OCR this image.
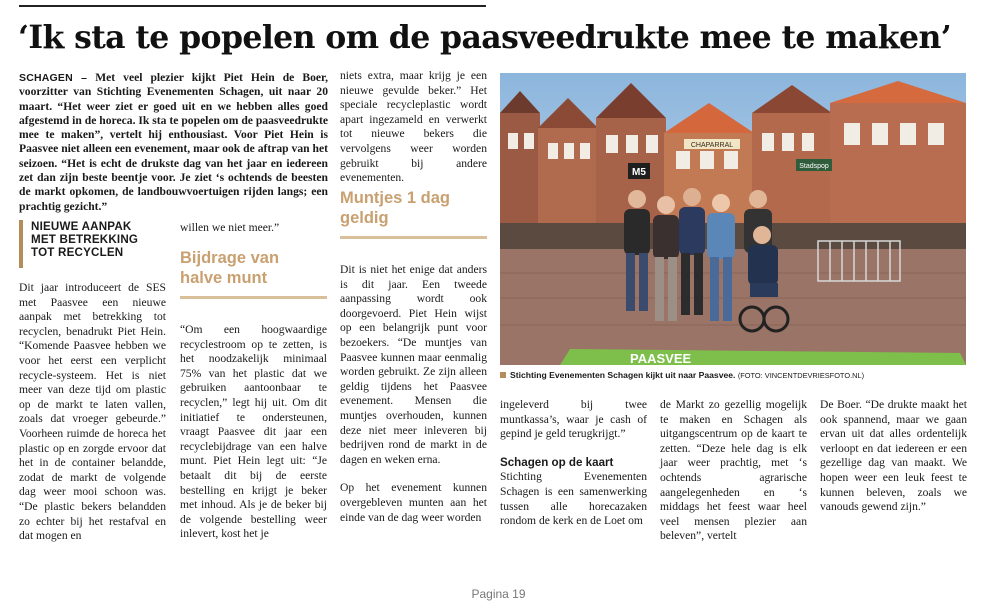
‘Ik sta te popelen om de paasveedrukte mee te maken’

SCHAGEN – Met veel plezier kijkt Piet Hein de Boer, voorzitter van Stichting Evenementen Schagen, uit naar 20 maart. “Het weer ziet er goed uit en we hebben alles goed afgestemd in de horeca. Ik sta te popelen om de paasveedrukte mee te maken”, vertelt hij enthousiast. Voor Piet Hein is Paasvee niet alleen een evenement, maar ook de aftrap van het seizoen. “Het is echt de drukste dag van het jaar en iedereen zet dan zijn beste beentje voor. Je ziet ‘s ochtends de beesten de markt opkomen, de landbouwvoertuigen rijden langs; een prachtig gezicht.”

NIEUWE AANPAK
MET BETREKKING
TOT RECYCLEN

Dit jaar introduceert de SES met Paasvee een nieuwe aanpak met betrekking tot recyclen, benadrukt Piet Hein. “Komende Paasvee hebben we voor het eerst een verplicht recycle-systeem. Het is niet meer van deze tijd om plastic op de markt te laten vallen, zoals dat vroeger gebeurde.” Voorheen ruimde de horeca het plastic op en zorgde ervoor dat het in de container belandde, zodat de markt de volgende dag weer mooi schoon was. “De plastic bekers belandden zo echter bij het restafval en dat mogen en

willen we niet meer.”

Bijdrage van
halve munt

“Om een hoogwaardige recyclestroom op te zetten, is het noodzakelijk minimaal 75% van het plastic dat we gebruiken aantoonbaar te recyclen,” legt hij uit. Om dit initiatief te ondersteunen, vraagt Paasvee dit jaar een recyclebijdrage van een halve munt. Piet Hein legt uit: “Je betaalt dit bij de eerste bestelling en krijgt je beker met inhoud. Als je de beker bij de volgende bestelling weer inlevert, kost het je

niets extra, maar krijg je een nieuwe gevulde beker.” Het speciale recycleplastic wordt apart ingezameld en verwerkt tot nieuwe bekers die vervolgens weer worden gebruikt bij andere evenementen.

Muntjes 1 dag
geldig

Dit is niet het enige dat anders is dit jaar. Een tweede aanpassing wordt ook doorgevoerd. Piet Hein wijst op een belangrijk punt voor bezoekers. “De muntjes van Paasvee kunnen maar eenmalig worden gebruikt. Ze zijn alleen geldig tijdens het Paasvee evenement. Mensen die muntjes overhouden, kunnen deze niet meer inleveren bij bedrijven rond de markt in de dagen en weken erna.

Op het evenement kunnen overgebleven munten aan het einde van de dag weer worden

CHAPARRAL
M5
Stadspop
PAASVEE
Stichting Evenementen Schagen kijkt uit naar Paasvee. (FOTO: VINCENTDEVRIESFOTO.NL)

ingeleverd bij twee muntkassa’s, waar je cash of gepind je geld terugkrijgt.”

Schagen op de kaart

Stichting Evenementen Schagen is een samenwerking tussen alle horecazaken rondom de kerk en de Loet om

de Markt zo gezellig mogelijk te maken en Schagen als uitgangscentrum op de kaart te zetten. “Deze hele dag is elk jaar weer prachtig, met ‘s ochtends agrarische aangelegenheden en ‘s middags het feest waar heel veel mensen plezier aan beleven”, vertelt

De Boer. “De drukte maakt het ook spannend, maar we gaan ervan uit dat alles ordentelijk verloopt en dat iedereen er een gezellige dag van maakt. We hopen weer een leuk feest te kunnen beleven, zoals we vanouds gewend zijn.”

Pagina 19
